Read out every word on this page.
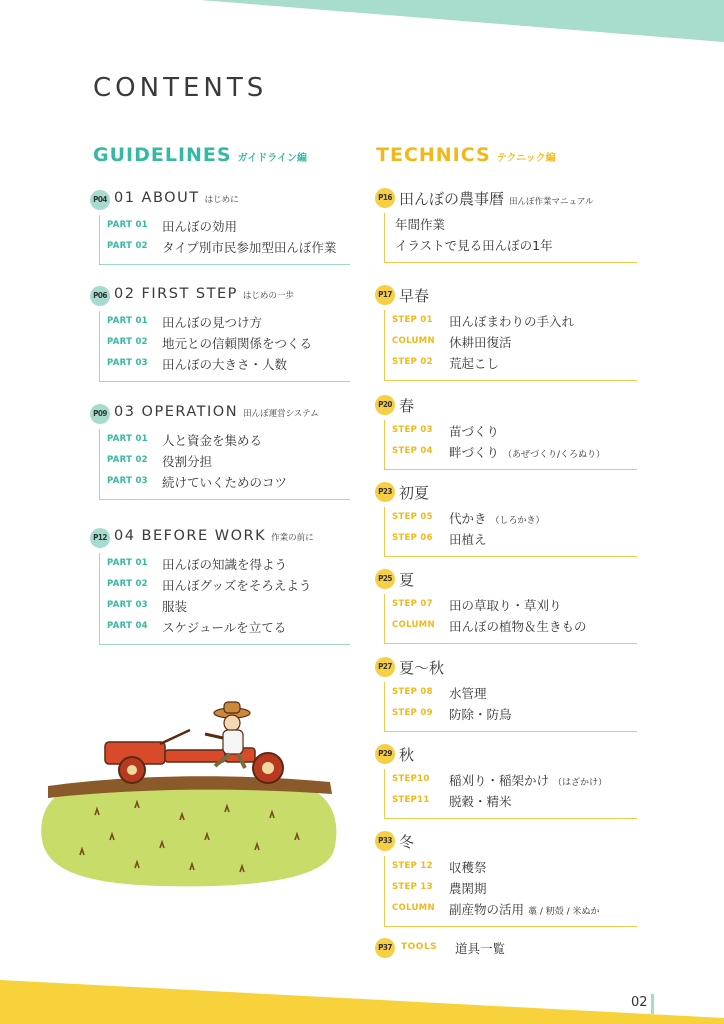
CONTENTS
GUIDELINES ガイドライン編	TECHNICS テクニック編
P04 01 ABOUT はじめに
PART 01 田んぼの効用
PART 02 タイプ別市民参加型田んぼ作業
P06 02 FIRST STEP はじめの一歩
PART 01 田んぼの見つけ方
PART 02 地元との信頼関係をつくる
PART 03 田んぼの大きさ・人数
P09 03 OPERATION 田んぼ運営システム
PART 01 人と資金を集める
PART 02 役割分担
PART 03 続けていくためのコツ
P12 04 BEFORE WORK 作業の前に
PART 01 田んぼの知識を得よう
PART 02 田んぼグッズをそろえよう
PART 03 服装
PART 04 スケジュールを立てる
P16 田んぼの農事暦 田んぼ作業マニュアル
年間作業
イラストで見る田んぼの1年
P17 早春
STEP 01 田んぼまわりの手入れ
COLUMN 休耕田復活
STEP 02 荒起こし
P20 春
STEP 03 苗づくり
STEP 04 畔づくり （あぜづくり/くろぬり）
P23 初夏
STEP 05 代かき （しろかき）
STEP 06 田植え
P25 夏
STEP 07 田の草取り・草刈り
COLUMN 田んぼの植物＆生きもの
P27 夏〜秋
STEP 08 水管理
STEP 09 防除・防鳥
P29 秋
STEP10 稲刈り・稲架かけ （はざかけ）
STEP11 脱穀・精米
P33 冬
STEP 12 収穫祭
STEP 13 農閑期
COLUMN 副産物の活用 藁 / 籾殻 / 米ぬか
P37	TOOLS 道具一覧
02
